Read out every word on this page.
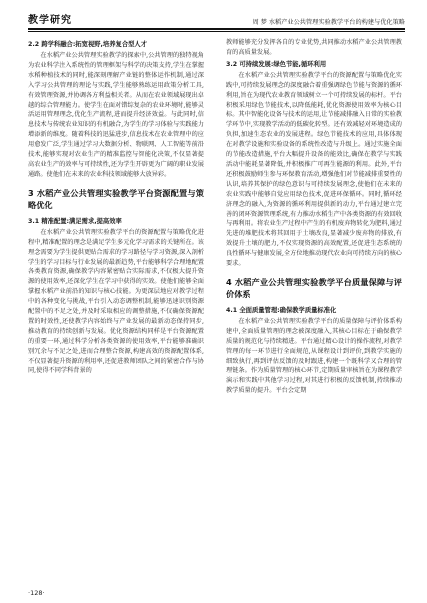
教学研究	周 梦 水稻产业公共管理实验教学平台的构建与优化策略
2.2 跨学科融合:拓宽视野,培养复合型人才

在水稻产业公共管理实验教学的探索中,公共管理的独特视角为农业科学注入系统性的管理框架与科学的决策支持,学生在掌握水稻种植技术的同时,能深刻理解产业链的整体运作机制,通过深入学习公共管理的理论与实践,学生能够熟练运用政策分析工具,有效管理资源,并协调各方利益相关者。从而在农业领域展现出卓越的综合管理能力。使学生在面对错综复杂的农业环境时,能够灵活运用管理理念,优化生产流程,进而提升经济效益。与此同时,信息技术与传统农业知识的有机融合,为学生的学习体验与实践能力增添新的维度。随着科技的迅猛进步,信息技术在农业管理中的应用愈发广泛,学生通过学习大数据分析、物联网、人工智能等前沿技术,能够实现对农业生产的精准监控与智能化决策,不仅显著提高农业生产的效率与可持续性,还为学生开辟更为广阔的职业发展通路。使他们在未来的农业科技领域能够大放异彩。

3 水稻产业公共管理实验教学平台资源配置与策略优化
3.1 精准配置:满足需求,提高效率

在水稻产业公共管理实验教学平台的资源配置与策略优化进程中,精准配置的理念是满足学生多元化学习需求的关键所在。该理念需要为学生提供更贴合需求的学习路径与学习资源,深入剖析学生的学习目标与行业发展的最新趋势,平台能够科学合理地配置各类教育资源,确保教学内容紧密贴合实际需求,不仅极大提升资源的使用效率,还深化学生在学习中获得的实效。使他们能够全面掌握水稻产业前沿的知识与核心技能。为更深层地应对教学过程中的各种变化与挑战,平台引入动态调整机制,能够迅速识别资源配置中的不足之处,并及时采取相应的调整措施,不仅确保资源配置的时效性,还使教学内容始终与产业发展的最新动态保持同步,推动教育的持续创新与发展。优化资源结构同样是平台资源配置的重要一环,通过科学分析各类资源的使用效率,平台能够准确识别冗余与不足之处,进而合理整合资源,构建高效的资源配置体系,不仅显著提升资源的利用率,还促进教师团队之间的紧密合作与协同,使得不同学科背景的

教师能够充分发挥各自的专业优势,共同推动水稻产业公共管理教育的高质量发展。

3.2 可持续发展:绿色节能,循环利用

在水稻产业公共管理实验教学平台的资源配置与策略优化实践中,可持续发展理念的深度融合着重强调绿色节能与资源的循环利用,旨在为现代农业教育领域树立一个可持续发展的标杆。平台积极采用绿色节能技术,以降低能耗,优化资源使用效率为核心目标。其中智能化设备与技术的运用,让节能减排融入日常的实验教学环节中,实现教学活动的低碳化转型。还有效减轻对环境造成的负担,加速生态农业的发展进程。绿色节能技术的应用,具体体现在对教学设施和实验设备的系统性改造与升级上。通过实施全面的节能改造措施,平台大幅提升设备的能效比,确保在教学与实践活动中能耗显著降低,并积极推广可再生能源的利用。此外,平台还积极鼓励师生参与环保教育活动,增强他们对节能减排重要性的认识,培养其保护的绿色意识与可持续发展理念,使他们在未来的农业实践中能够自觉应用绿色技术,促进环保循环。同时,循环经济理念的融入,为资源的循环利用提供新的动力,平台通过建立完善的闭环资源管理系统,有力推动水稻生产中各类资源的有效回收与再利用。将农业生产过程中产生的有机废弃物转化为肥料,通过先进的堆肥技术将其回用于土壤改良,显著减少废弃物的排放,有效提升土壤的肥力,不仅实现资源的高效配置,还促进生态系统的良性循环与健康发展,全方位地推动现代农业向可持续方向的核心要求。

4 水稻产业公共管理实验教学平台质量保障与评价体系
4.1 全面质量管理:确保教学质量标准化

在水稻产业公共管理实验教学平台的质量保障与评价体系构建中,全面质量管理的理念被深度融入,其核心目标在于确保教学质量的规范化与持续精进。平台通过精心设计的操作流程,对教学管理的每一环节进行全面规范,从课程设计到评价,到教学实施的细致执行,再到评估反馈的及时跟进,构建一个既科学又合理的管理链条。作为质量管理的核心环节,定期质量审核旨在为课程教学演示和实践中其他学习过程,对其进行积极的反馈机制,持续推动教学质量的提升。平台会定期

·128·
